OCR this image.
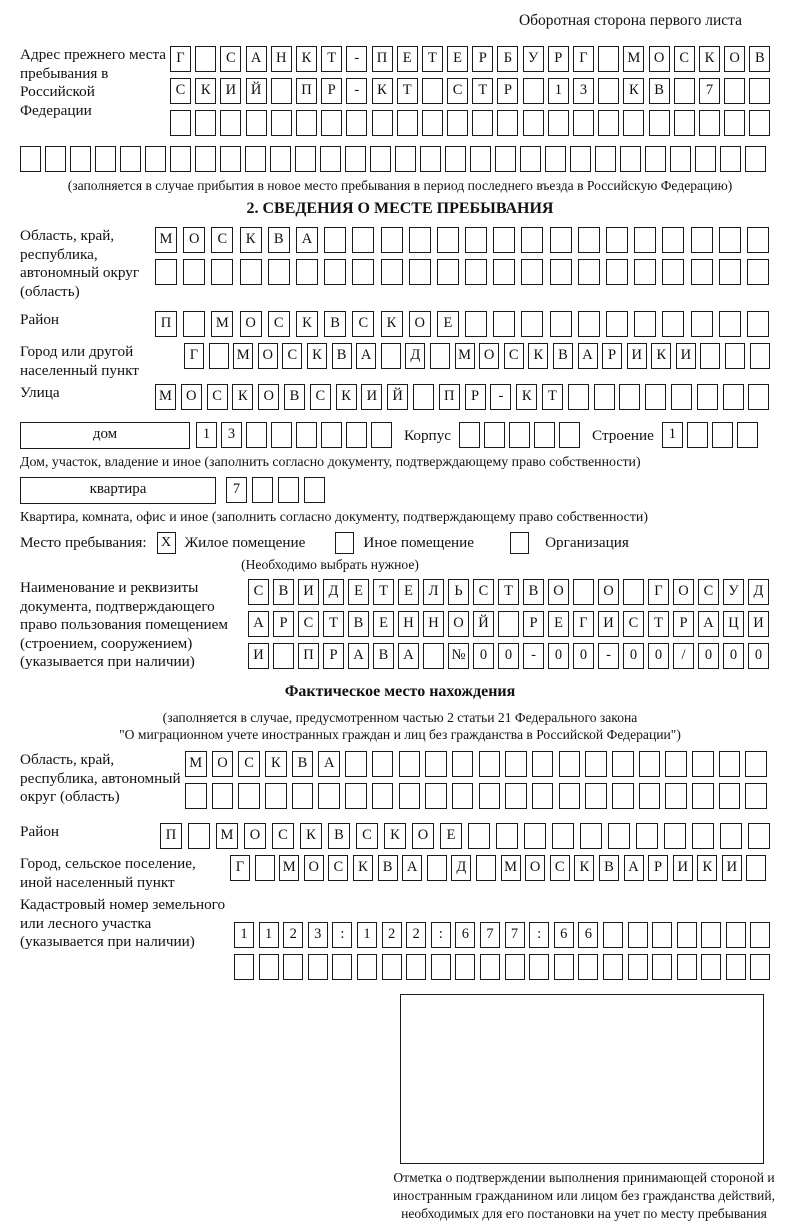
Оборотная сторона первого листа
Адрес прежнего места пребывания в Российской Федерации
Г	С А Н К Т - П Е Т Е Р Б У Р Г	М О С К О В
С К И Й	П Р - К Т	С Т Р	1 3	К В	7
(заполняется в случае прибытия в новое место пребывания в период последнего въезда в Российскую Федерацию)
2. СВЕДЕНИЯ О МЕСТЕ ПРЕБЫВАНИЯ
Область, край, республика, автономный округ (область)
М О С К В А
Район	П	М О С К В С К О Е
Город или другой населенный пункт
Г	М О С К В А	Д	М О С К В А Р И К И
Улица	М О С К О В С К И Й	П Р - К Т
дом	1 3	Корпус	Строение	1
Дом, участок, владение и иное (заполнить согласно документу, подтверждающему право собственности)
квартира	7
Квартира, комната, офис и иное (заполнить согласно документу, подтверждающему право собственности)
Место пребывания:	X Жилое помещение	Иное помещение	Организация
(Необходимо выбрать нужное)
Наименование и реквизиты документа, подтверждающего право пользования помещением (строением, сооружением) (указывается при наличии)
С В И Д Е Т Е Л Ь С Т В О	О	Г О С У Д
А Р С Т В Е Н Н О Й	Р Е Г И С Т Р А Ц И
И	П Р А В А	№ 0 0 - 0 0 - 0 0 / 0 0 0
Фактическое место нахождения
(заполняется в случае, предусмотренном частью 2 статьи 21 Федерального закона
"О миграционном учете иностранных граждан и лиц без гражданства в Российской Федерации")
Область, край, республика, автономный округ (область)
М О С К В А
Район	П	М О С К В С К О Е
Город, сельское поселение, иной населенный пункт
Г	М О С К В А	Д	М О С К В А Р И К И
Кадастровый номер земельного или лесного участка (указывается при наличии)	1 1 2 3 : 1 2 2 : 6 7 7 : 6 6
Отметка о подтверждении выполнения принимающей стороной и иностранным гражданином или лицом без гражданства действий, необходимых для его постановки на учет по месту пребывания
